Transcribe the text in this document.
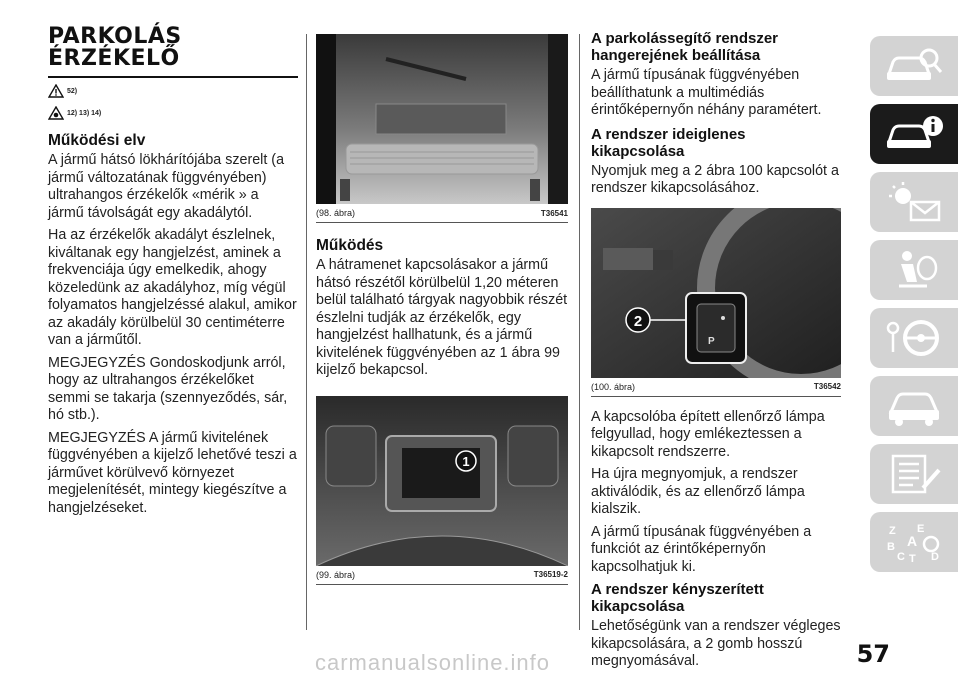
PARKOLÁS
ÉRZÉKELŐ
52)
12) 13) 14)
Működési elv

A jármű hátsó lökhárítójába szerelt (a jármű változatának függvényében) ultrahangos érzékelők «mérik » a jármű távolságát egy akadálytól.

Ha az érzékelők akadályt észlelnek, kiváltanak egy hangjelzést, aminek a frekvenciája úgy emelkedik, ahogy közeledünk az akadályhoz, míg végül folyamatos hangjelzéssé alakul, amikor az akadály körülbelül 30 centiméterre van a járműtől.

MEGJEGYZÉS Gondoskodjunk arról, hogy az ultrahangos érzékelőket semmi se takarja (szennyeződés, sár, hó stb.).

MEGJEGYZÉS A jármű kivitelének függvényében a kijelző lehetővé teszi a járművet körülvevő környezet megjelenítését, mintegy kiegészítve a hangjelzéseket.

(98. ábra)	T36541
Működés

A hátramenet kapcsolásakor a jármű hátsó részétől körülbelül 1,20 méteren belül található tárgyak nagyobbik részét észlelni tudják az érzékelők, egy hangjelzést hallhatunk, és a jármű kivitelének függvényében az 1 ábra 99 kijelző bekapcsol.

1
(99. ábra)	T36519-2
A parkolássegítő rendszer hangerejének beállítása

A jármű típusának függvényében beállíthatunk a multimédiás érintőképernyőn néhány paramétert.

A rendszer ideiglenes kikapcsolása

Nyomjuk meg a 2 ábra 100 kapcsolót a rendszer kikapcsolásához.

P
2
(100. ábra)	T36542

A kapcsolóba épített ellenőrző lámpa felgyullad, hogy emlékeztessen a kikapcsolt rendszerre.

Ha újra megnyomjuk, a rendszer aktiválódik, és az ellenőrző lámpa kialszik.

A jármű típusának függvényében a funkciót az érintőképernyőn kapcsolhatjuk ki.

A rendszer kényszerített kikapcsolása

Lehetőségünk van a rendszer végleges kikapcsolására, a 2 gomb hosszú megnyomásával.

Z E
B A
C T D
57
carmanualsonline.info
